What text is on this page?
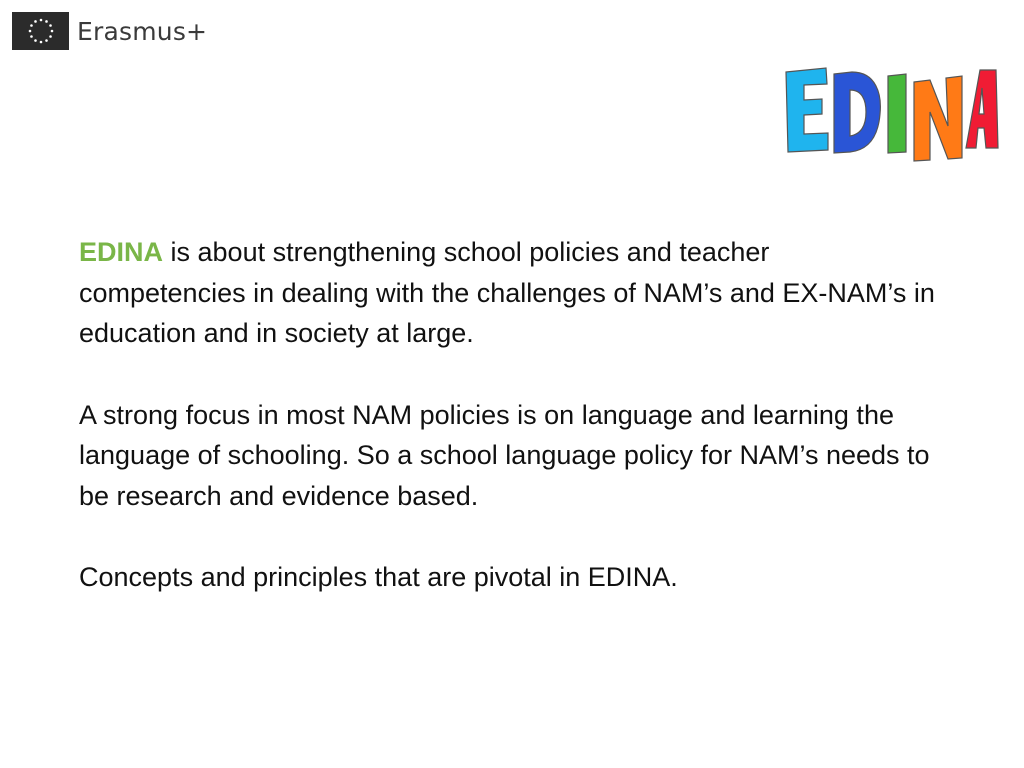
Erasmus+

EDINA is about strengthening school policies and teacher competencies in dealing with the challenges of NAM’s and EX-NAM’s in education and in society at large.

A strong focus in most NAM policies is on language and learning the language of schooling. So a school language policy for NAM’s needs to be research and evidence based.

Concepts and principles that are pivotal in EDINA.
